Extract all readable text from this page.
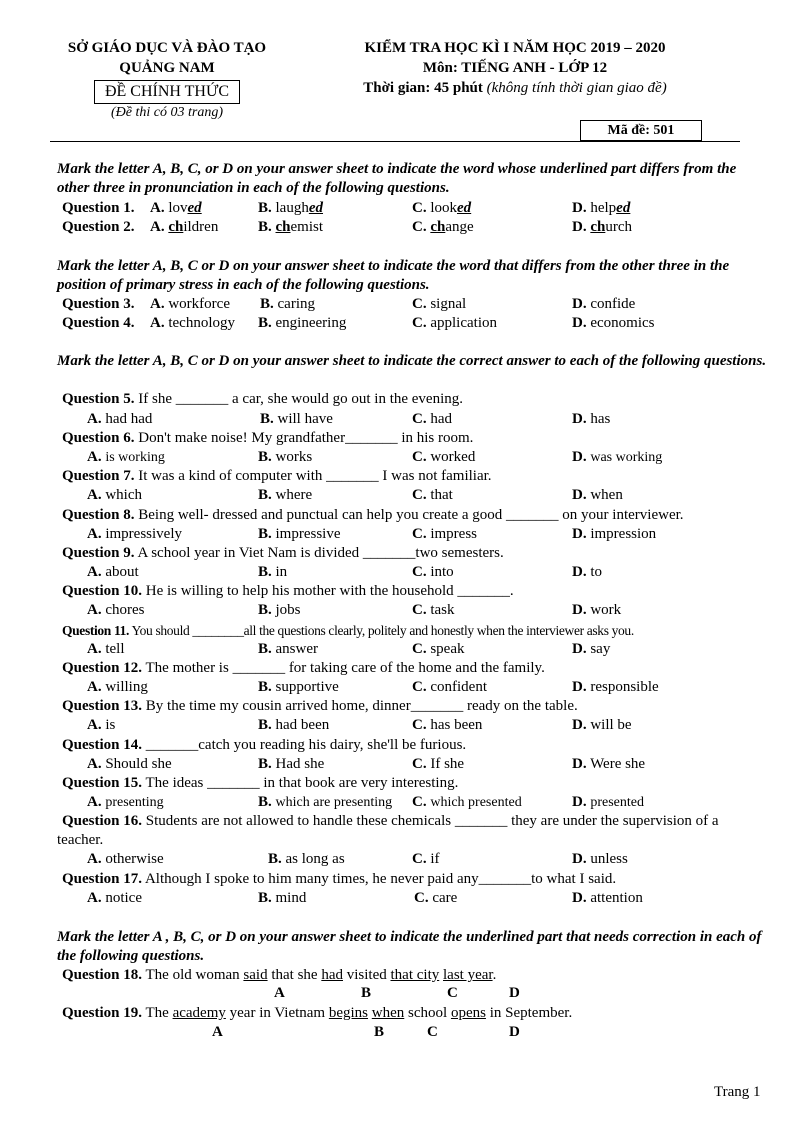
SỞ GIÁO DỤC VÀ ĐÀO TẠO
QUẢNG NAM
ĐỀ CHÍNH THỨC
(Đề thi có 03 trang)
KIỂM TRA HỌC KÌ I NĂM HỌC 2019 – 2020
Môn: TIẾNG ANH - LỚP 12
Thời gian: 45 phút (không tính thời gian giao đề)
Mã đề: 501
Mark the letter A, B, C, or D on your answer sheet to indicate the word whose underlined part differs from the other three in pronunciation in each of the following questions.
Question 1. A. loved	B. laughed	C. looked	D. helped
Question 2. A. children	B. chemist	C. change	D. church
Mark the letter A, B, C or D on your answer sheet to indicate the word that differs from the other three in the position of primary stress in each of the following questions.
Question 3. A. workforce B. caring	C. signal	D. confide
Question 4. A. technology B. engineering	C. application	D. economics
Mark the letter A, B, C or D on your answer sheet to indicate the correct answer to each of the following questions.
Question 5. If she _______ a car, she would go out in the evening.
A. had had	B. will have	C. had	D. has
Question 6. Don't make noise! My grandfather_______ in his room.
A. is working	B. works	C. worked	D. was working
Question 7. It was a kind of computer with _______ I was not familiar.
A. which	B. where	C. that	D. when
Question 8. Being well- dressed and punctual can help you create a good _______ on your interviewer.
A. impressively	B. impressive	C. impress	D. impression
Question 9. A school year in Viet Nam is divided _______two semesters.
A. about	B. in	C. into	D. to
Question 10. He is willing to help his mother with the household _______.
A. chores	B. jobs	C. task	D. work
Question 11. You should ________all the questions clearly, politely and honestly when the interviewer asks you.
A. tell	B. answer	C. speak	D. say
Question 12. The mother is _______ for taking care of the home and the family.
A. willing	B. supportive	C. confident	D. responsible
Question 13. By the time my cousin arrived home, dinner_______ ready on the table.
A. is	B. had been	C. has been	D. will be
Question 14. _______catch you reading his dairy, she'll be furious.
A. Should she	B. Had she	C. If she	D. Were she
Question 15. The ideas _______ in that book are very interesting.
A. presenting	B. which are presenting C. which presented	D. presented
Question 16. Students are not allowed to handle these chemicals _______ they are under the supervision of a teacher.
A. otherwise	B. as long as	C. if	D. unless
Question 17. Although I spoke to him many times, he never paid any_______to what I said.
A. notice	B. mind	C. care	D. attention
Mark the letter A , B, C, or D on your answer sheet to indicate the underlined part that needs correction in each of the following questions.
Question 18. The old woman said that she had visited that city last year.
A	B	C	D
Question 19. The academy year in Vietnam begins when school opens in September.
A	B	C	D
Trang 1
